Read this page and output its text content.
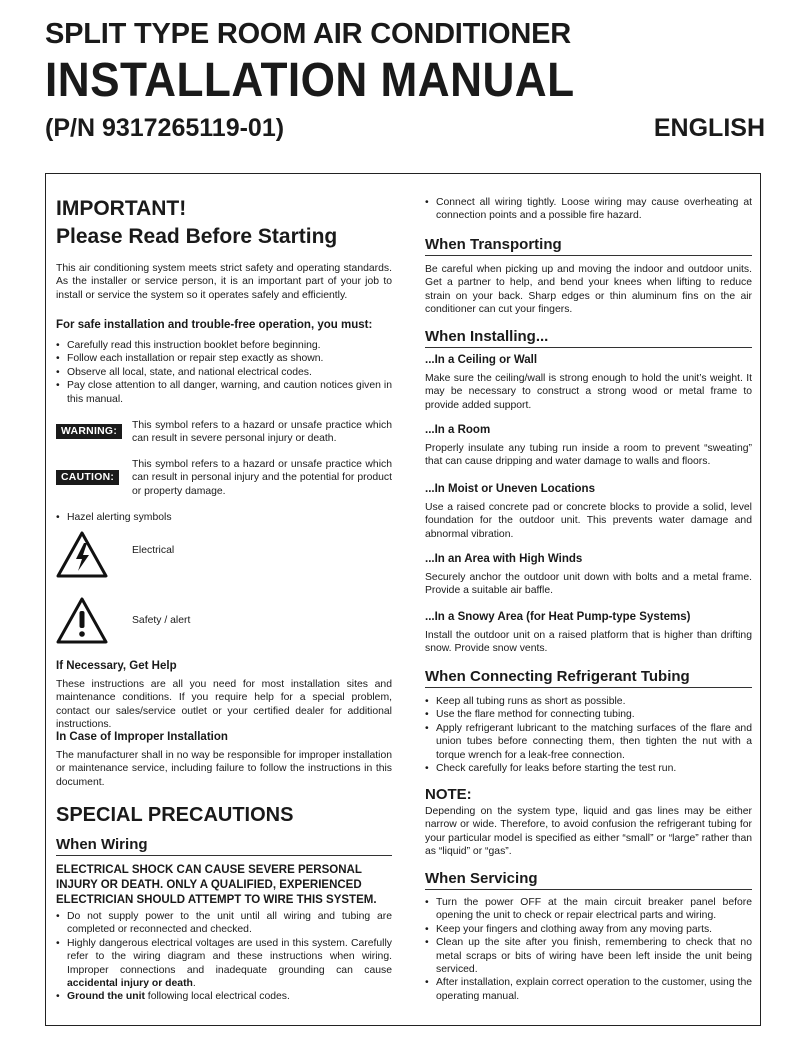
SPLIT TYPE ROOM AIR CONDITIONER
INSTALLATION MANUAL
(P/N 9317265119-01)	ENGLISH
IMPORTANT!
Please Read Before Starting

This air conditioning system meets strict safety and operating standards. As the installer or service person, it is an important part of your job to install or service the system so it operates safely and efficiently.

For safe installation and trouble-free operation, you must:
• Carefully read this instruction booklet before beginning.
• Follow each installation or repair step exactly as shown.
• Observe all local, state, and national electrical codes.
• Pay close attention to all danger, warning, and caution notices given in this manual.
WARNING:

This symbol refers to a hazard or unsafe practice which can result in severe personal injury or death.

CAUTION:

This symbol refers to a hazard or unsafe practice which can result in personal injury and the potential for product or property damage.

• Hazel alerting symbols
Electrical
Safety / alert
If Necessary, Get Help

These instructions are all you need for most installation sites and maintenance conditions. If you require help for a special problem, contact our sales/service outlet or your certified dealer for additional instructions.

In Case of Improper Installation

The manufacturer shall in no way be responsible for improper installation or maintenance service, including failure to follow the instructions in this document.

SPECIAL PRECAUTIONS
When Wiring
ELECTRICAL SHOCK CAN CAUSE SEVERE PERSONAL INJURY OR DEATH. ONLY A QUALIFIED, EXPERIENCED ELECTRICIAN SHOULD ATTEMPT TO WIRE THIS SYSTEM.
• Do not supply power to the unit until all wiring and tubing are completed or reconnected and checked.
• Highly dangerous electrical voltages are used in this system. Carefully refer to the wiring diagram and these instructions when wiring. Improper connections and inadequate grounding can cause accidental injury or death.
• Ground the unit following local electrical codes.
• Connect all wiring tightly. Loose wiring may cause overheating at connection points and a possible fire hazard.
When Transporting

Be careful when picking up and moving the indoor and outdoor units. Get a partner to help, and bend your knees when lifting to reduce strain on your back. Sharp edges or thin aluminum fins on the air conditioner can cut your fingers.

When Installing...
...In a Ceiling or Wall

Make sure the ceiling/wall is strong enough to hold the unit’s weight. It may be necessary to construct a strong wood or metal frame to provide added support.

...In a Room

Properly insulate any tubing run inside a room to prevent “sweating” that can cause dripping and water damage to walls and floors.

...In Moist or Uneven Locations

Use a raised concrete pad or concrete blocks to provide a solid, level foundation for the outdoor unit. This prevents water damage and abnormal vibration.

...In an Area with High Winds

Securely anchor the outdoor unit down with bolts and a metal frame. Provide a suitable air baffle.

...In a Snowy Area (for Heat Pump-type Systems)

Install the outdoor unit on a raised platform that is higher than drifting snow. Provide snow vents.

When Connecting Refrigerant Tubing
• Keep all tubing runs as short as possible.
• Use the flare method for connecting tubing.
• Apply refrigerant lubricant to the matching surfaces of the flare and union tubes before connecting them, then tighten the nut with a torque wrench for a leak-free connection.
• Check carefully for leaks before starting the test run.
NOTE:

Depending on the system type, liquid and gas lines may be either narrow or wide. Therefore, to avoid confusion the refrigerant tubing for your particular model is specified as either “small” or “large” rather than as “liquid” or “gas”.

When Servicing
• Turn the power OFF at the main circuit breaker panel before opening the unit to check or repair electrical parts and wiring.
• Keep your fingers and clothing away from any moving parts.
• Clean up the site after you finish, remembering to check that no metal scraps or bits of wiring have been left inside the unit being serviced.
• After installation, explain correct operation to the customer, using the operating manual.
